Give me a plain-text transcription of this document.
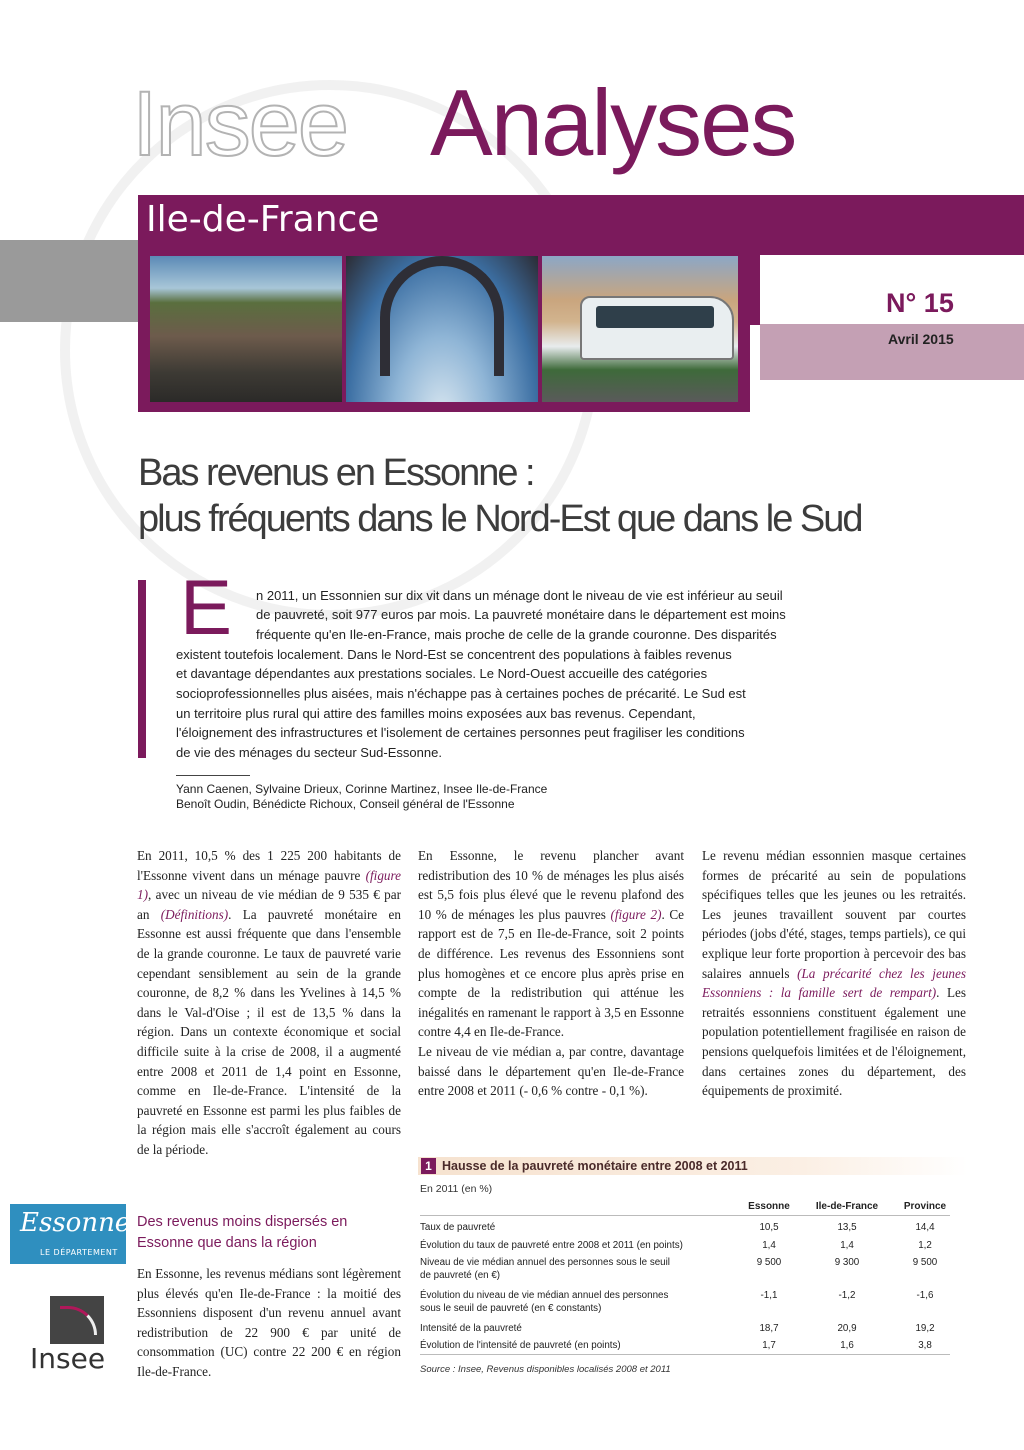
Insee Analyses
Ile-de-France
N° 15
Avril 2015
Bas revenus en Essonne :
plus fréquents dans le Nord-Est que dans le Sud
E n 2011, un Essonnien sur dix vit dans un ménage dont le niveau de vie est inférieur au seuil
de pauvreté, soit 977 euros par mois. La pauvreté monétaire dans le département est moins
fréquente qu'en Ile-en-France, mais proche de celle de la grande couronne. Des disparités
existent toutefois localement. Dans le Nord-Est se concentrent des populations à faibles revenus
et davantage dépendantes aux prestations sociales. Le Nord-Ouest accueille des catégories
socioprofessionnelles plus aisées, mais n'échappe pas à certaines poches de précarité. Le Sud est
un territoire plus rural qui attire des familles moins exposées aux bas revenus. Cependant,
l'éloignement des infrastructures et l'isolement de certaines personnes peut fragiliser les conditions
de vie des ménages du secteur Sud-Essonne.
Yann Caenen, Sylvaine Drieux, Corinne Martinez, Insee Ile-de-France
Benoît Oudin, Bénédicte Richoux, Conseil général de l'Essonne

En 2011, 10,5 % des 1 225 200 habitants de l'Essonne vivent dans un ménage pauvre (figure 1), avec un niveau de vie médian de 9 535 € par an (Définitions). La pauvreté monétaire en Essonne est aussi fréquente que dans l'ensemble de la grande couronne. Le taux de pauvreté varie cependant sensiblement au sein de la grande couronne, de 8,2 % dans les Yvelines à 14,5 % dans le Val-d'Oise ; il est de 13,5 % dans la région. Dans un contexte économique et social difficile suite à la crise de 2008, il a augmenté entre 2008 et 2011 de 1,4 point en Essonne, comme en Ile-de-France. L'intensité de la pauvreté en Essonne est parmi les plus faibles de la région mais elle s'accroît également au cours de la période.

Des revenus moins dispersés en Essonne que dans la région

En Essonne, les revenus médians sont légèrement plus élevés qu'en Ile-de-France : la moitié des Essonniens disposent d'un revenu annuel avant redistribution de 22 900 € par unité de consommation (UC) contre 22 200 € en région Ile-de-France.

En Essonne, le revenu plancher avant redistribution des 10 % de ménages les plus aisés est 5,5 fois plus élevé que le revenu plafond des 10 % de ménages les plus pauvres (figure 2). Ce rapport est de 7,5 en Ile-de-France, soit 2 points de différence. Les revenus des Essonniens sont plus homogènes et ce encore plus après prise en compte de la redistribution qui atténue les inégalités en ramenant le rapport à 3,5 en Essonne contre 4,4 en Ile-de-France.

Le niveau de vie médian a, par contre, davantage baissé dans le département qu'en Ile-de-France entre 2008 et 2011 (- 0,6 % contre - 0,1 %).

Le revenu médian essonnien masque certaines formes de précarité au sein de populations spécifiques telles que les jeunes ou les retraités. Les jeunes travaillent souvent par courtes périodes (jobs d'été, stages, temps partiels), ce qui explique leur forte proportion à percevoir des bas salaires annuels (La précarité chez les jeunes Essonniens : la famille sert de rempart). Les retraités essonniens constituent également une population potentiellement fragilisée en raison de pensions quelquefois limitées et de l'éloignement, dans certaines zones du département, des équipements de proximité.

Essonne
LE DÉPARTEMENT
Insee
1 Hausse de la pauvreté monétaire entre 2008 et 2011
En 2011 (en %)
Essonne	Ile-de-France	Province
Taux de pauvreté	10,5	13,5	14,4
Évolution du taux de pauvreté entre 2008 et 2011 (en points)	1,4	1,4	1,2
Niveau de vie médian annuel des personnes sous le seuil
de pauvreté (en €)
9 500	9 300	9 500
Évolution du niveau de vie médian annuel des personnes
sous le seuil de pauvreté (en € constants)
-1,1	-1,2	-1,6
Intensité de la pauvreté	18,7	20,9	19,2
Évolution de l'intensité de pauvreté (en points)	1,7	1,6	3,8
Source : Insee, Revenus disponibles localisés 2008 et 2011
